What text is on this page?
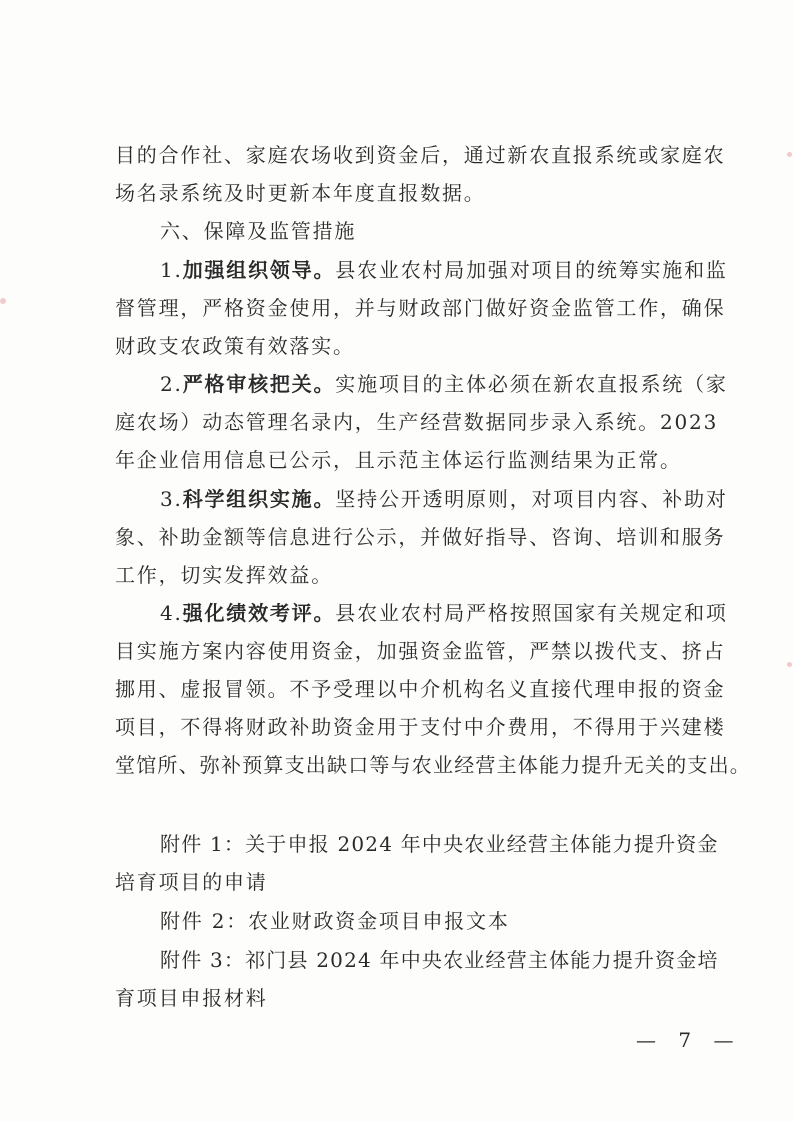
目的合作社、家庭农场收到资金后，通过新农直报系统或家庭农
场名录系统及时更新本年度直报数据。
六、保障及监管措施
1.加强组织领导。县农业农村局加强对项目的统筹实施和监
督管理，严格资金使用，并与财政部门做好资金监管工作，确保
财政支农政策有效落实。
2.严格审核把关。实施项目的主体必须在新农直报系统（家
庭农场）动态管理名录内，生产经营数据同步录入系统。2023
年企业信用信息已公示，且示范主体运行监测结果为正常。
3.科学组织实施。坚持公开透明原则，对项目内容、补助对
象、补助金额等信息进行公示，并做好指导、咨询、培训和服务
工作，切实发挥效益。
4.强化绩效考评。县农业农村局严格按照国家有关规定和项
目实施方案内容使用资金，加强资金监管，严禁以拨代支、挤占
挪用、虚报冒领。不予受理以中介机构名义直接代理申报的资金
项目，不得将财政补助资金用于支付中介费用，不得用于兴建楼
堂馆所、弥补预算支出缺口等与农业经营主体能力提升无关的支出。
附件 1：关于申报 2024 年中央农业经营主体能力提升资金
培育项目的申请
附件 2：农业财政资金项目申报文本
附件 3：祁门县 2024 年中央农业经营主体能力提升资金培
育项目申报材料
— 7 —
